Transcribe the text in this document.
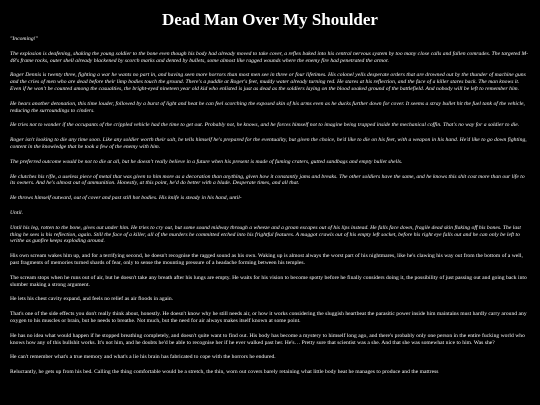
Dead Man Over My Shoulder

"Incoming!"

The explosion is deafening, shaking the young soldier to the bone even though his body had already moved to take cover, a reflex baked into his central nervous system by too many close calls and fallen comrades. The targeted M-48's frame rocks, outer shell already blackened by scorch marks and dented by bullets, some almost like ragged wounds where the enemy fire had penetrated the armor.

Roger Dennis is twenty three, fighting a war he wants no part in, and having seen more horrors than most men see in three or four lifetimes. His colonel yells desperate orders that are drowned out by the thunder of machine guns and the cries of men who are dead before their limp bodies touch the ground. There's a puddle at Roger's feet, muddy water already turning red. He stares at his reflection, and the face of a killer stares back. The man knows it. Even if he won't be counted among the casualties, the bright-eyed nineteen year old kid who enlisted is just as dead as the soldiers laying on the blood soaked ground of the battlefield. And nobody will be left to remember him.

He hears another detonation, this time louder, followed by a burst of light and heat he can feel scorching the exposed skin of his arms even as he ducks further down for cover. It seems a stray bullet hit the fuel tank of the vehicle, reducing the surroundings to cinders.

He tries not to wonder if the occupants of the crippled vehicle had the time to get out. Probably not, he knows, and he forces himself not to imagine being trapped inside the mechanical coffin. That's no way for a soldier to die.

Roger isn't looking to die any time soon. Like any soldier worth their salt, he tells himself he's prepared for the eventuality, but given the choice, he'd like to die on his feet, with a weapon in his hand. He'd like to go down fighting, content in the knowledge that he took a few of the enemy with him.

The preferred outcome would be not to die at all, but he doesn't really believe in a future when his present is made of fuming craters, gutted sandbags and empty bullet shells.

He clutches his rifle, a useless piece of metal that was given to him more as a decoration than anything, given how it constantly jams and breaks. The other soldiers have the same, and he knows this shit cost more than our life to its owners. And he's almost out of ammunition. Honestly, at this point, he'd do better with a blade. Desperate times, and all that.

He throws himself outward, out of cover and past still hot bodies. His knife is steady in his hand, until-

Until.

Until his leg, rotten to the bone, gives out under him. He tries to cry out, but some sound midway through a wheeze and a groan escapes out of his lips instead. He falls face down, fragile dead skin flaking off his bones. The last thing he sees is his reflection, again. Still the face of a killer, all of the murders he committed etched into his frightful features. A maggot crawls out of his empty left socket, before his right eye falls out and he can only be left to writhe as gunfire keeps exploding around.

His own scream wakes him up, and for a terrifying second, he doesn't recognise the ragged sound as his own. Waking up is almost always the worst part of his nightmares, like he's clawing his way out from the bottom of a well, past fragments of memories turned shards of fear, only to sense the mounting pressure of a headache forming between his temples.

The scream stops when he runs out of air, but he doesn't take any breath after his lungs are empty. He waits for his vision to become spotty before he finally considers doing it, the possibility of just passing out and going back into slumber making a strong argument.

He lets his chest cavity expand, and feels no relief as air floods in again.

That's one of the side effects you don't really think about, honestly. He doesn't know why he still needs air, or how it works considering the sluggish heartbeat the parasitic power inside him maintains must hardly carry around any oxygen to his muscles or brain, but he needs to breathe. Not much, but the need for air always makes itself known at some point.

He has no idea what would happen if he stopped breathing completely, and doesn't quite want to find out. His body has become a mystery to himself long ago, and there's probably only one person in the entire fucking world who knows how any of this bullshit works. It's not him, and he doubts he'd be able to recognise her if he ever walked past her. He's… Pretty sure that scientist was a she. And that she was somewhat nice to him. Was she?

He can't remember what's a true memory and what's a lie his brain has fabricated to cope with the horrors he endured.

Reluctantly, he gets up from his bed. Calling the thing comfortable would be a stretch, the thin, worn out covers barely retaining what little body heat he manages to produce and the mattress
